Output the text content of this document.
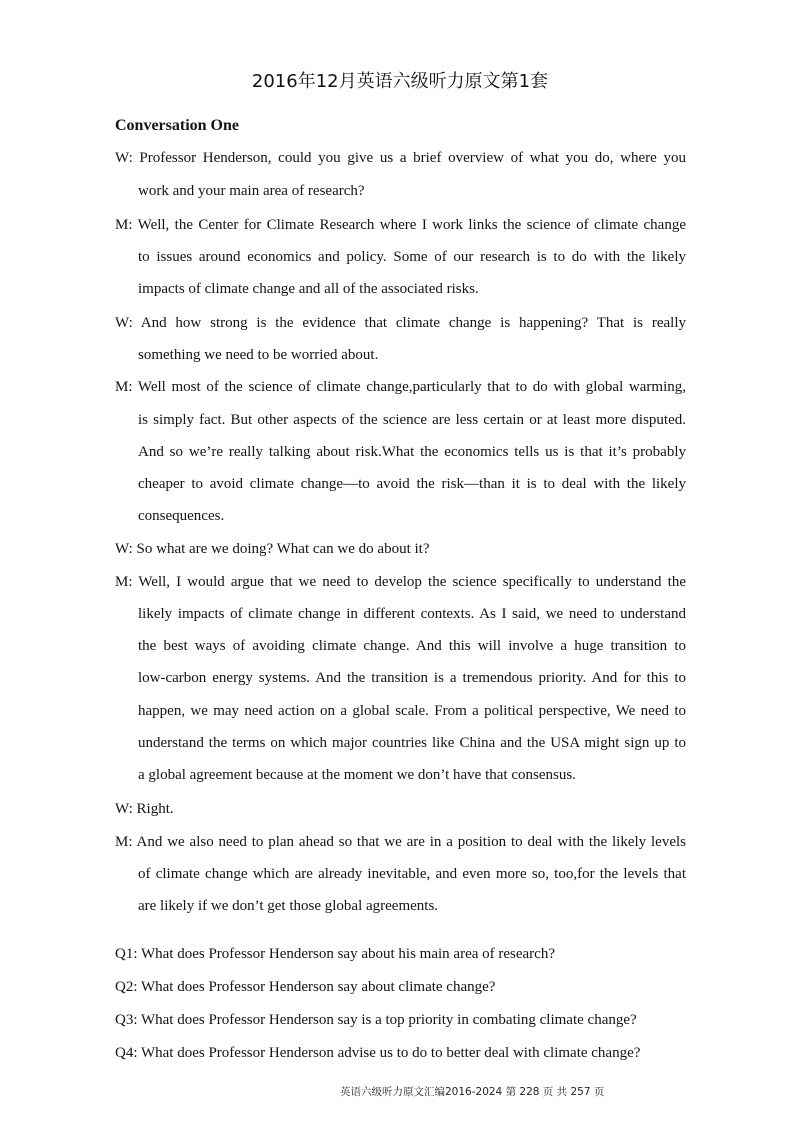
2016年12月英语六级听力原文第1套
Conversation One
W: Professor Henderson, could you give us a brief overview of what you do, where you
work and your main area of research?
M: Well, the Center for Climate Research where I work links the science of climate change
to issues around economics and policy. Some of our research is to do with the likely
impacts of climate change and all of the associated risks.
W: And how strong is the evidence that climate change is happening? That is really
something we need to be worried about.
M: Well most of the science of climate change,particularly that to do with global warming,
is simply fact. But other aspects of the science are less certain or at least more disputed.
And so we’re really talking about risk.What the economics tells us is that it’s probably
cheaper to avoid climate change—to avoid the risk—than it is to deal with the likely
consequences.
W: So what are we doing? What can we do about it?
M: Well, I would argue that we need to develop the science specifically to understand the
likely impacts of climate change in different contexts. As I said, we need to understand
the best ways of avoiding climate change. And this will involve a huge transition to
low-carbon energy systems. And the transition is a tremendous priority. And for this to
happen, we may need action on a global scale. From a political perspective, We need to
understand the terms on which major countries like China and the USA might sign up to
a global agreement because at the moment we don’t have that consensus.
W: Right.
M: And we also need to plan ahead so that we are in a position to deal with the likely levels
of climate change which are already inevitable, and even more so, too,for the levels that
are likely if we don’t get those global agreements.
Q1: What does Professor Henderson say about his main area of research?
Q2: What does Professor Henderson say about climate change?
Q3: What does Professor Henderson say is a top priority in combating climate change?
Q4: What does Professor Henderson advise us to do to better deal with climate change?
英语六级听力原文汇编2016-2024 第 228 页 共 257 页
